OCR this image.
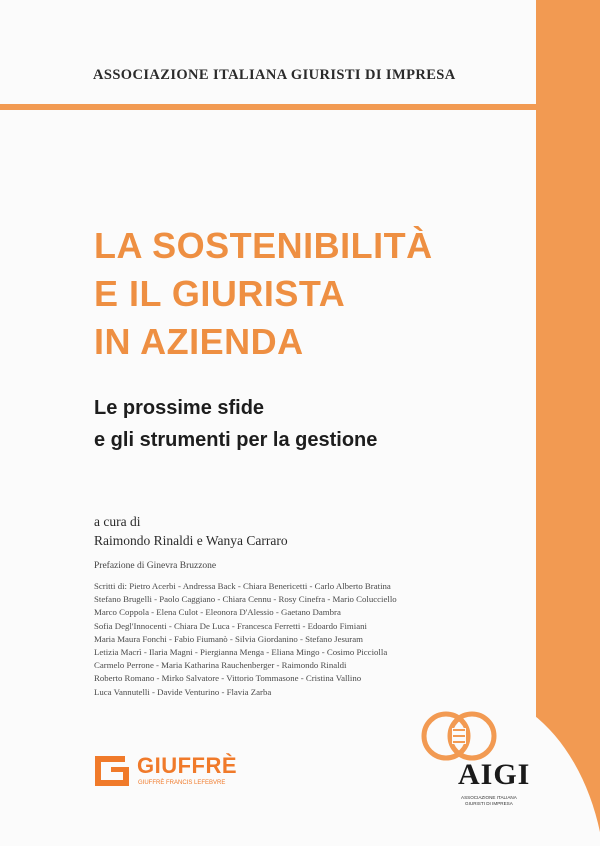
ASSOCIAZIONE ITALIANA GIURISTI DI IMPRESA
LA SOSTENIBILITÀ
E IL GIURISTA
IN AZIENDA
Le prossime sfide
e gli strumenti per la gestione
a cura di
Raimondo Rinaldi e Wanya Carraro
Prefazione di Ginevra Bruzzone
Scritti di: Pietro Acerbi - Andressa Back - Chiara Benericetti - Carlo Alberto Bratina
Stefano Brugelli - Paolo Caggiano - Chiara Cennu - Rosy Cinefra - Mario Colucciello
Marco Coppola - Elena Culot - Eleonora D'Alessio - Gaetano Dambra
Sofia Degl'Innocenti - Chiara De Luca - Francesca Ferretti - Edoardo Fimiani
Maria Maura Fonchi - Fabio Fiumanò - Silvia Giordanino - Stefano Jesuram
Letizia Macrì - Ilaria Magni - Piergianna Menga - Eliana Mingo - Cosimo Picciolla
Carmelo Perrone - Maria Katharina Rauchenberger - Raimondo Rinaldi
Roberto Romano - Mirko Salvatore - Vittorio Tommasone - Cristina Vallino
Luca Vannutelli - Davide Venturino - Flavia Zarba
GIUFFRÈ
GIUFFRÈ FRANCIS LEFEBVRE	AIGI
ASSOCIAZIONE ITALIANA
GIURISTI DI IMPRESA
